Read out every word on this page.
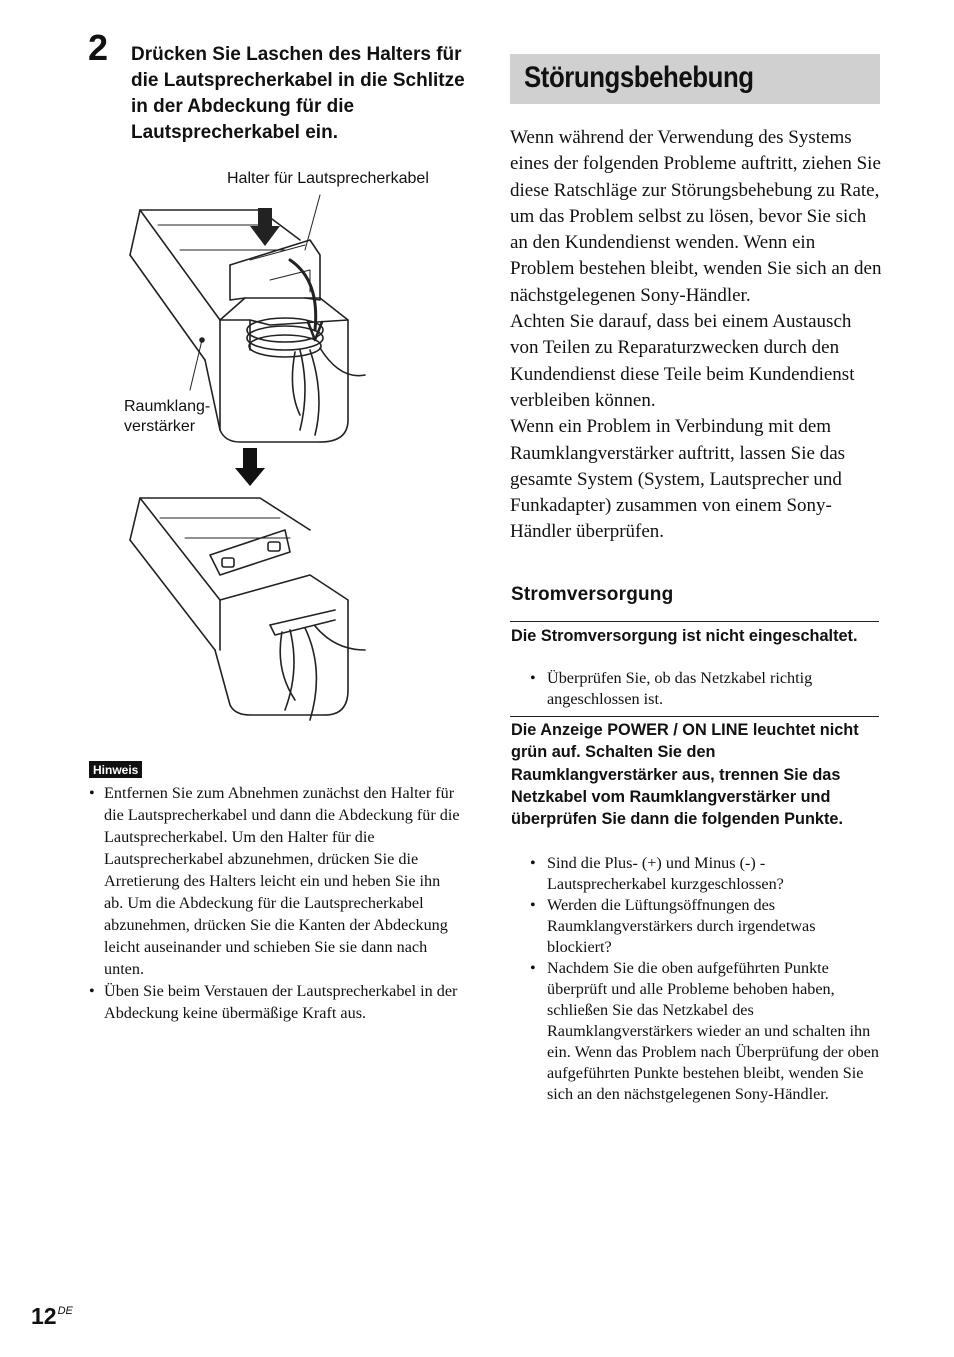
2 Drücken Sie Laschen des Halters für die Lautsprecherkabel in die Schlitze in der Abdeckung für die Lautsprecherkabel ein.
Halter für Lautsprecherkabel
Raumklang-
verstärker
Hinweis
• Entfernen Sie zum Abnehmen zunächst den Halter für die Lautsprecherkabel und dann die Abdeckung für die Lautsprecherkabel. Um den Halter für die Lautsprecherkabel abzunehmen, drücken Sie die Arretierung des Halters leicht ein und heben Sie ihn ab. Um die Abdeckung für die Lautsprecherkabel abzunehmen, drücken Sie die Kanten der Abdeckung leicht auseinander und schieben Sie sie dann nach unten.
• Üben Sie beim Verstauen der Lautsprecherkabel in der Abdeckung keine übermäßige Kraft aus.
Störungsbehebung

Wenn während der Verwendung des Systems eines der folgenden Probleme auftritt, ziehen Sie diese Ratschläge zur Störungsbehebung zu Rate, um das Problem selbst zu lösen, bevor Sie sich an den Kundendienst wenden. Wenn ein Problem bestehen bleibt, wenden Sie sich an den nächstgelegenen Sony-Händler.

Achten Sie darauf, dass bei einem Austausch von Teilen zu Reparaturzwecken durch den Kundendienst diese Teile beim Kundendienst verbleiben können.

Wenn ein Problem in Verbindung mit dem Raumklangverstärker auftritt, lassen Sie das gesamte System (System, Lautsprecher und Funkadapter) zusammen von einem Sony-Händler überprüfen.

Stromversorgung
Die Stromversorgung ist nicht eingeschaltet.
• Überprüfen Sie, ob das Netzkabel richtig angeschlossen ist.
Die Anzeige POWER / ON LINE leuchtet nicht grün auf. Schalten Sie den Raumklangverstärker aus, trennen Sie das Netzkabel vom Raumklangverstärker und überprüfen Sie dann die folgenden Punkte.
• Sind die Plus- (+) und Minus (-) - Lautsprecherkabel kurzgeschlossen?
• Werden die Lüftungsöffnungen des Raumklangverstärkers durch irgendetwas blockiert?
• Nachdem Sie die oben aufgeführten Punkte überprüft und alle Probleme behoben haben, schließen Sie das Netzkabel des Raumklangverstärkers wieder an und schalten ihn ein. Wenn das Problem nach Überprüfung der oben aufgeführten Punkte bestehen bleibt, wenden Sie sich an den nächstgelegenen Sony-Händler.
12DE
